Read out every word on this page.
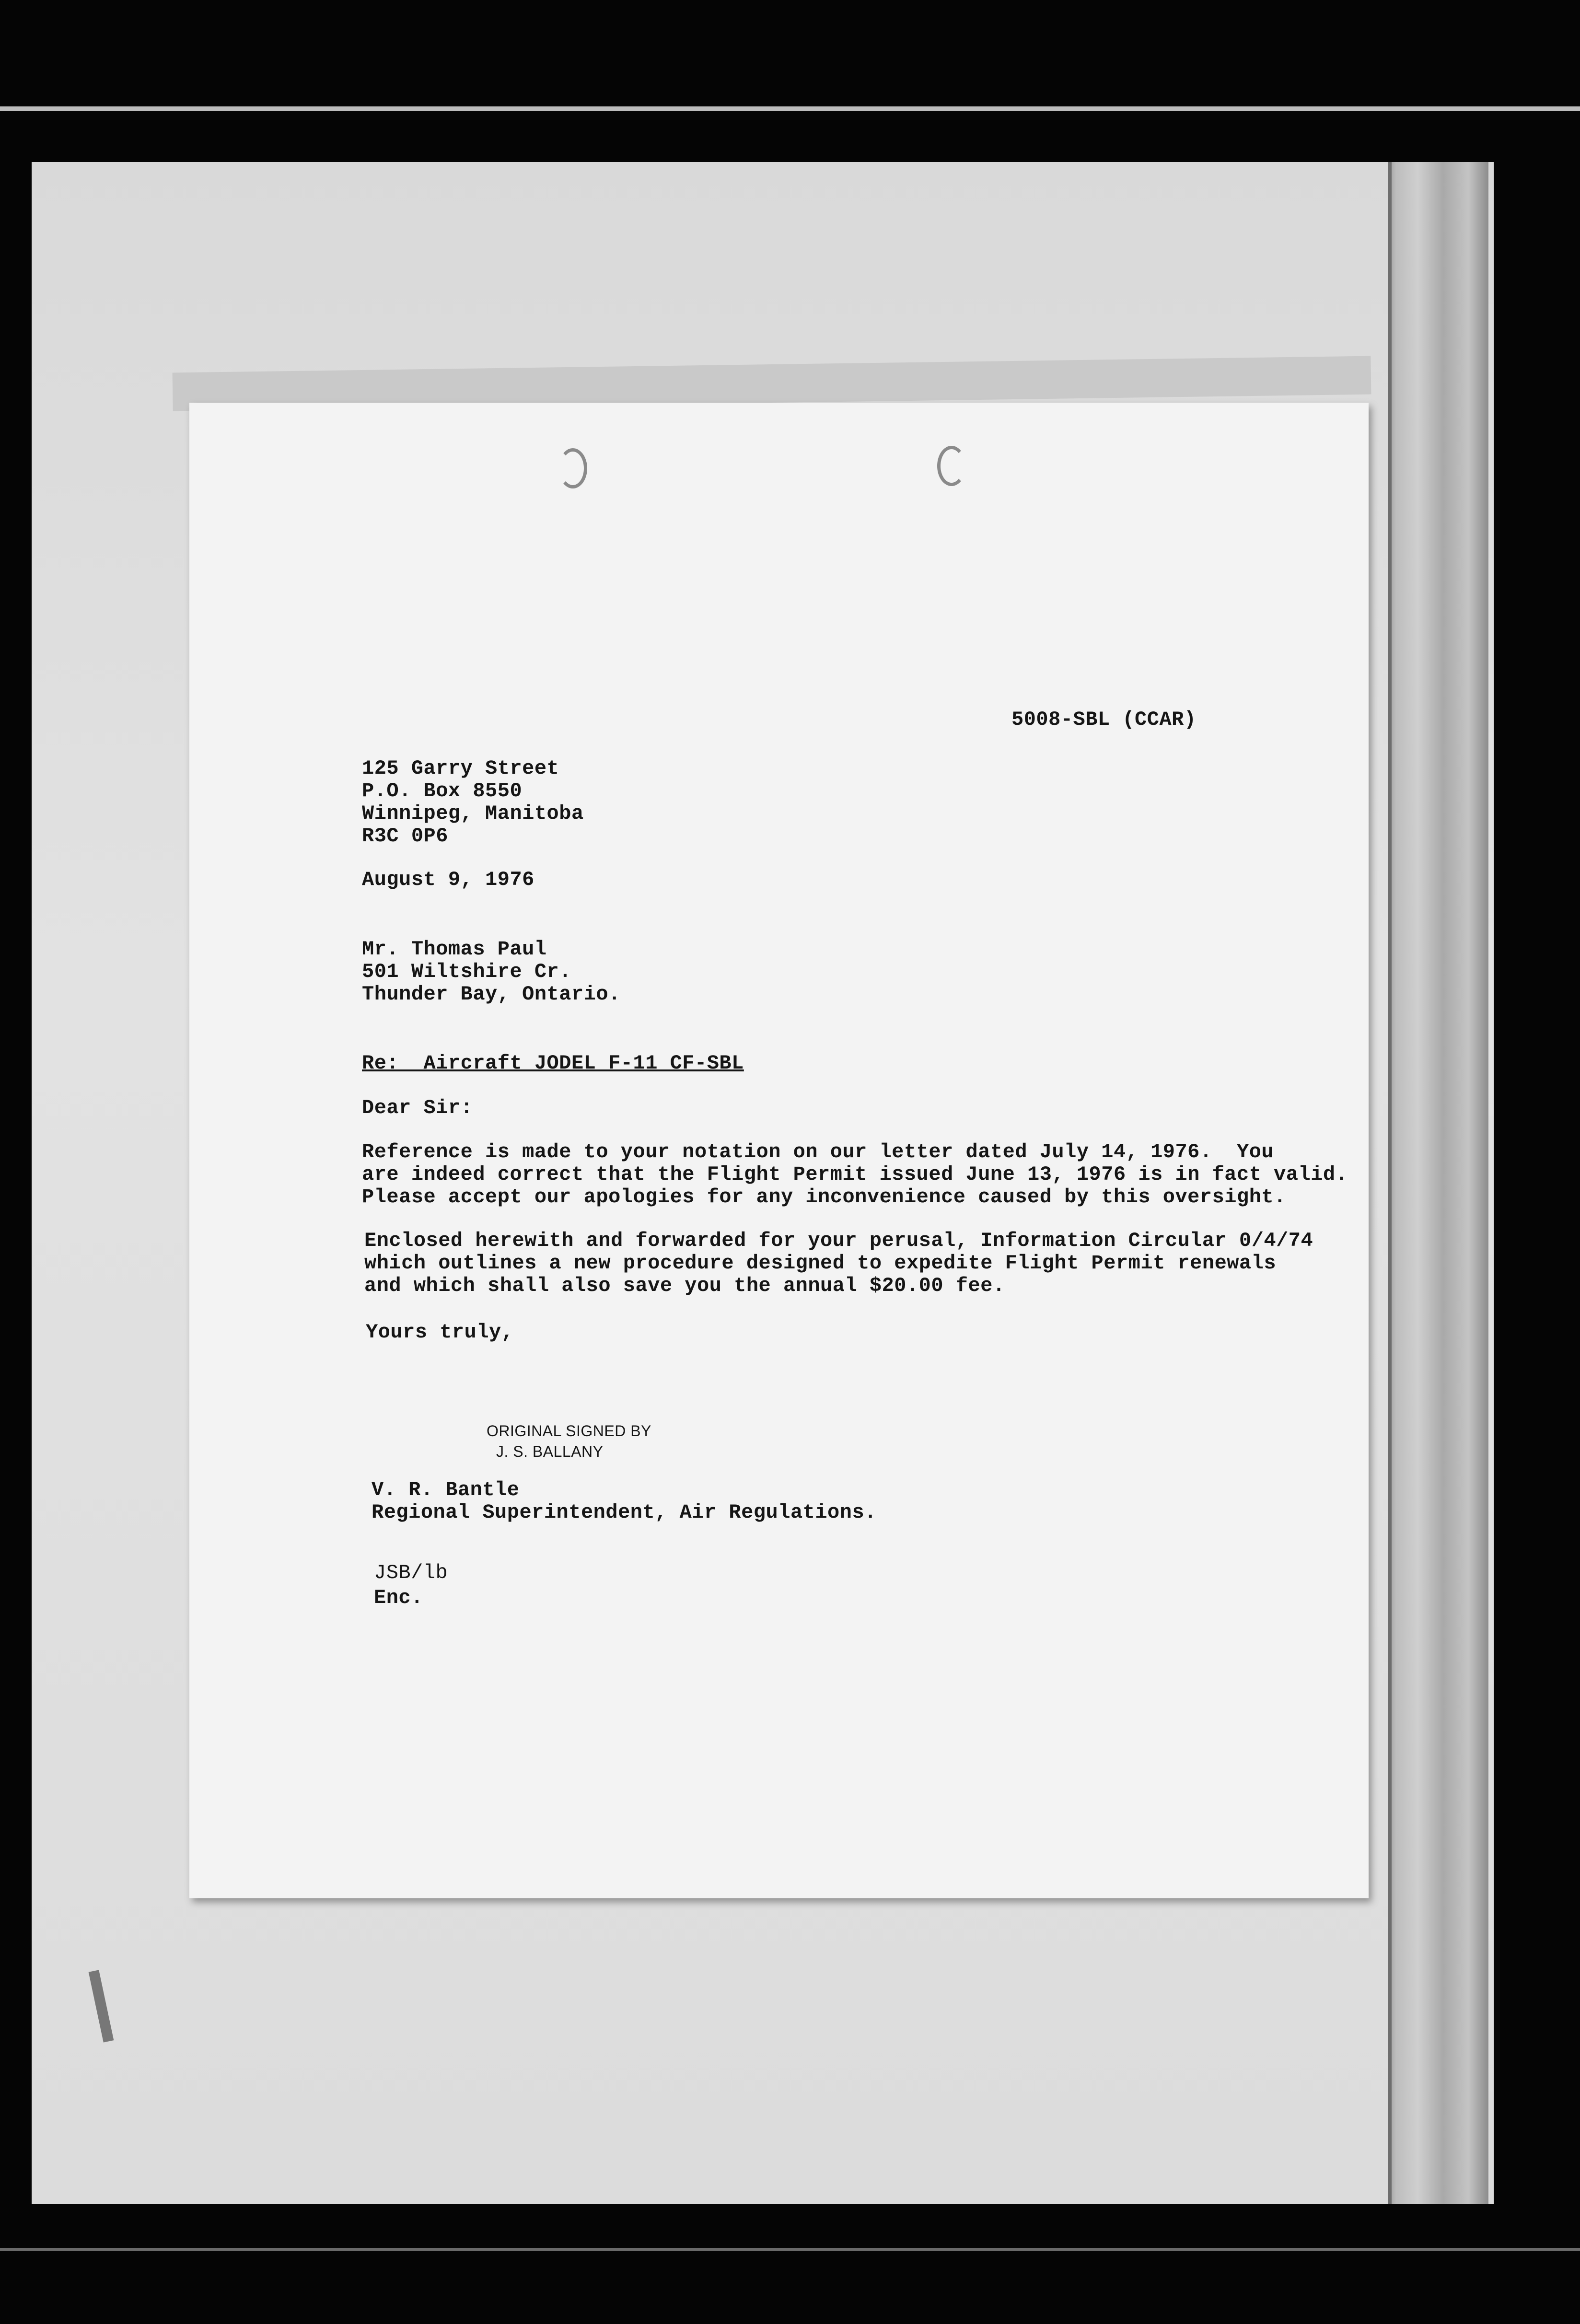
5008-SBL (CCAR)
125 Garry Street
P.O. Box 8550
Winnipeg, Manitoba
R3C 0P6
August 9, 1976
Mr. Thomas Paul
501 Wiltshire Cr.
Thunder Bay, Ontario.
Re:  Aircraft JODEL F-11 CF-SBL
Dear Sir:
Reference is made to your notation on our letter dated July 14, 1976.  You
are indeed correct that the Flight Permit issued June 13, 1976 is in fact valid.
Please accept our apologies for any inconvenience caused by this oversight.
Enclosed herewith and forwarded for your perusal, Information Circular 0/4/74
which outlines a new procedure designed to expedite Flight Permit renewals
and which shall also save you the annual $20.00 fee.
Yours truly,
ORIGINAL SIGNED BY
J. S. BALLANY
V. R. Bantle
Regional Superintendent, Air Regulations.
JSB/lb
Enc.
